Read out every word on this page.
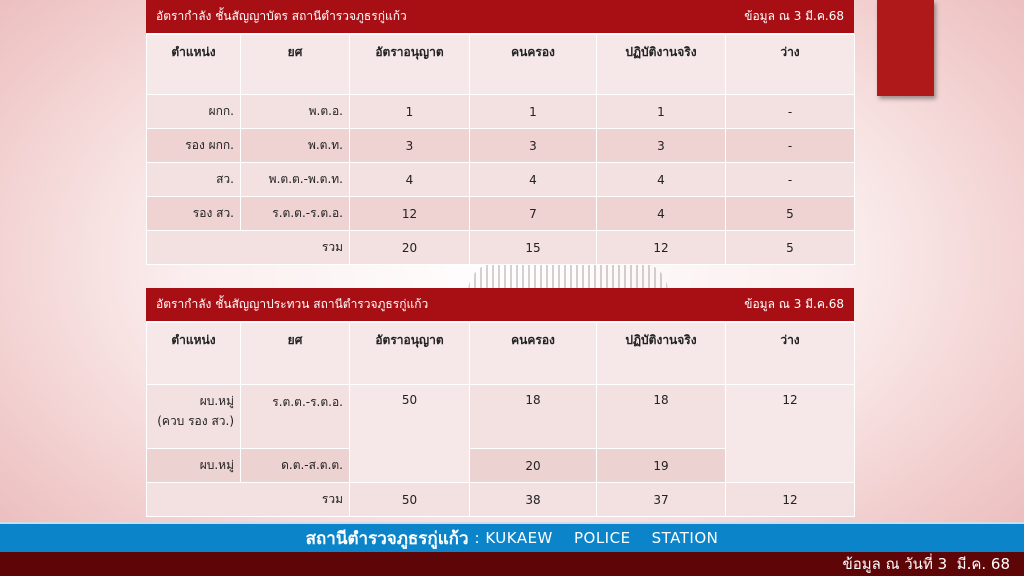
อัตรากำลัง ชั้นสัญญาบัตร สถานีตำรวจภูธรกู่แก้ว	ข้อมูล ณ 3 มี.ค.68
ตำแหน่ง	ยศ	อัตราอนุญาต	คนครอง	ปฏิบัติงานจริง	ว่าง
ผกก.	พ.ต.อ.	1	1	1	-
รอง ผกก.	พ.ต.ท.	3	3	3	-
สว.	พ.ต.ต.-พ.ต.ท.	4	4	4	-
รอง สว.	ร.ต.ต.-ร.ต.อ.	12	7	4	5
รวม		20	15	12	5
อัตรากำลัง ชั้นสัญญาประทวน สถานีตำรวจภูธรกู่แก้ว	ข้อมูล ณ 3 มี.ค.68
ตำแหน่ง	ยศ	อัตราอนุญาต	คนครอง	ปฏิบัติงานจริง	ว่าง

ผบ.หมู่
(ควบ รอง สว.)	ร.ต.ต.-ร.ต.อ.	50	18	18	12
ผบ.หมู่	ด.ต.-ส.ต.ต.		20	19	
รวม		50	38	37	12
สถานีตำรวจภูธรกู่แก้ว : KUKAEW    POLICE    STATION
ข้อมูล ณ วันที่ 3  มี.ค. 68
